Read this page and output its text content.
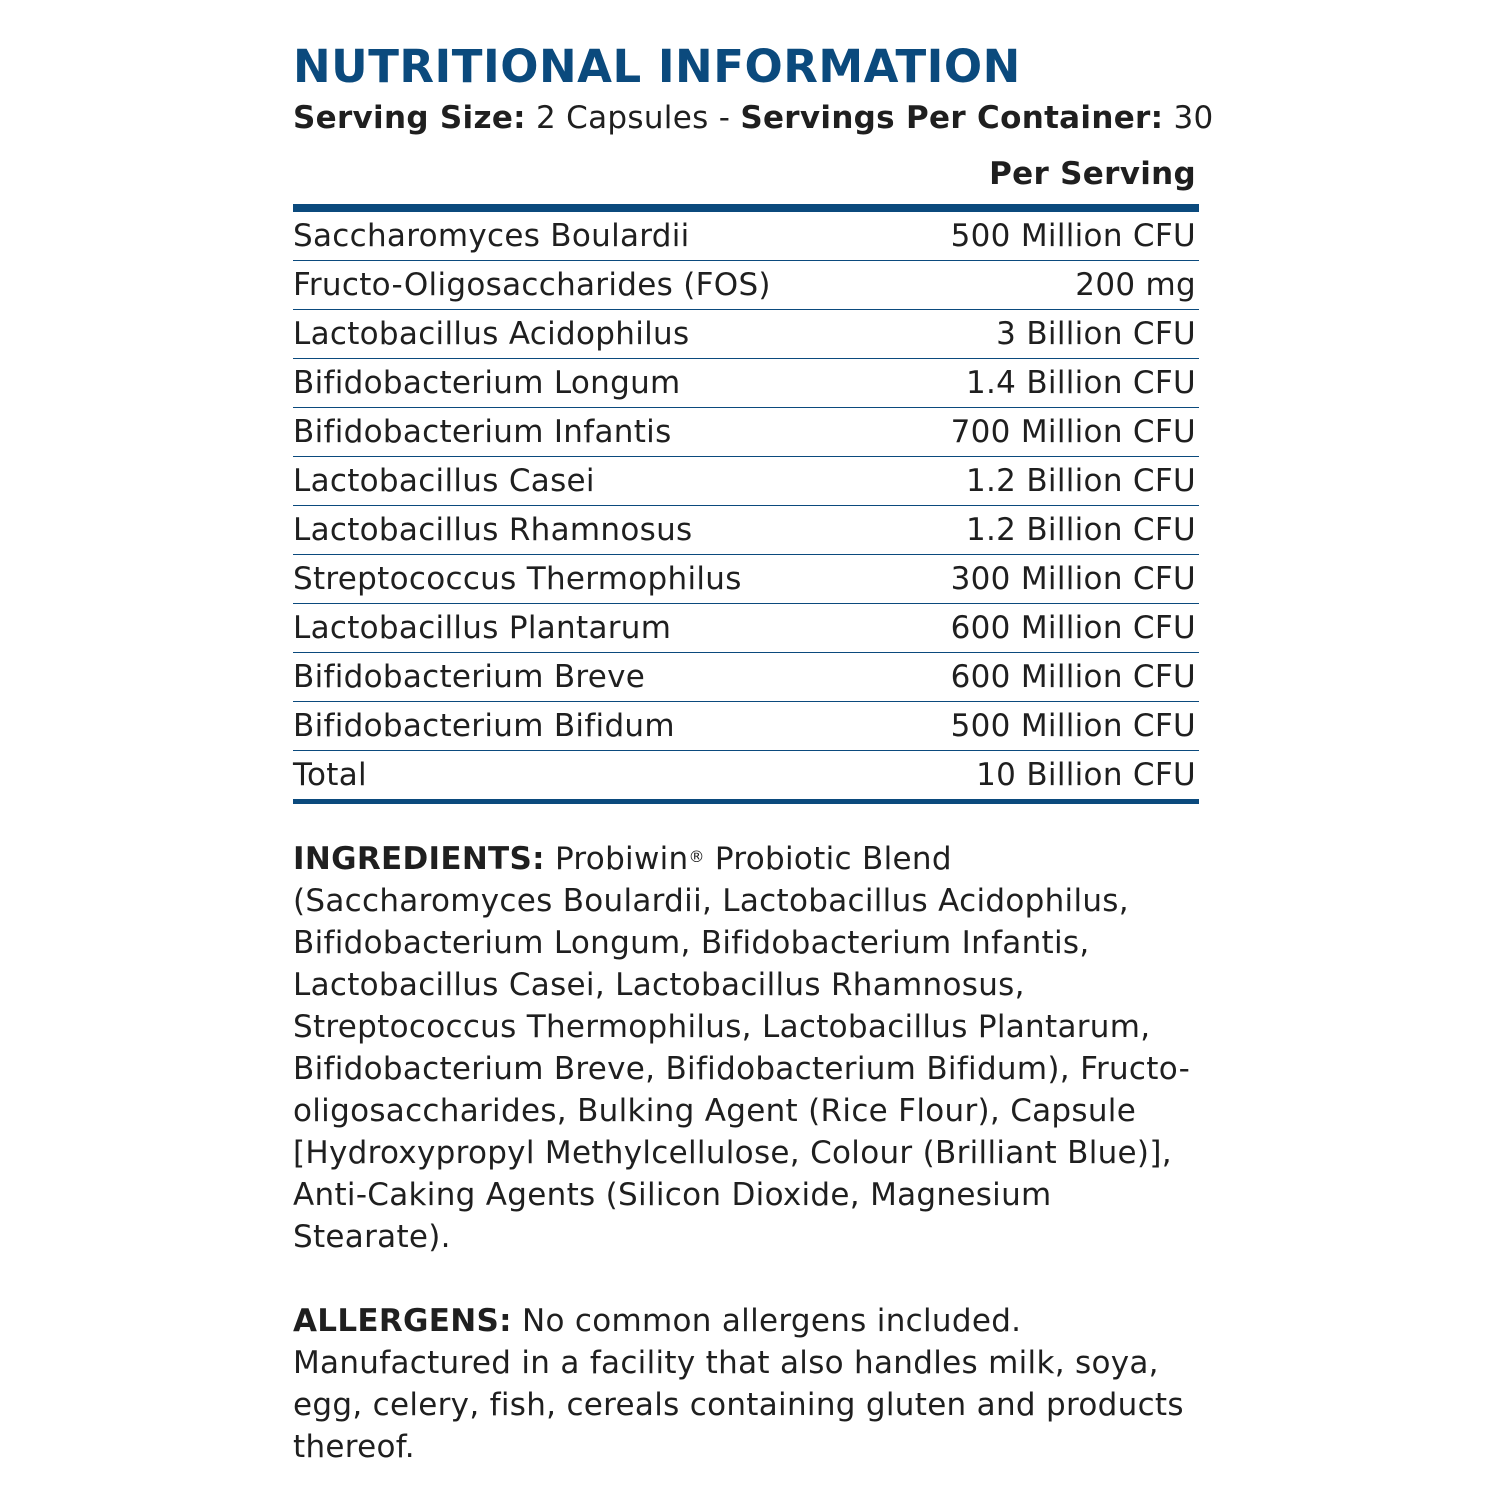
NUTRITIONAL INFORMATION
Serving Size: 2 Capsules - Servings Per Container: 30
Per Serving
Saccharomyces Boulardii	500 Million CFU
Fructo-Oligosaccharides (FOS)	200 mg
Lactobacillus Acidophilus	3 Billion CFU
Bifidobacterium Longum	1.4 Billion CFU
Bifidobacterium Infantis	700 Million CFU
Lactobacillus Casei	1.2 Billion CFU
Lactobacillus Rhamnosus	1.2 Billion CFU
Streptococcus Thermophilus	300 Million CFU
Lactobacillus Plantarum	600 Million CFU
Bifidobacterium Breve	600 Million CFU
Bifidobacterium Bifidum	500 Million CFU
Total	10 Billion CFU

INGREDIENTS: Probiwin® Probiotic Blend (Saccharomyces Boulardii, Lactobacillus Acidophilus, Bifidobacterium Longum, Bifidobacterium Infantis, Lactobacillus Casei, Lactobacillus Rhamnosus, Streptococcus Thermophilus, Lactobacillus Plantarum, Bifidobacterium Breve, Bifidobacterium Bifidum), Fructo-oligosaccharides, Bulking Agent (Rice Flour), Capsule [Hydroxypropyl Methylcellulose, Colour (Brilliant Blue)], Anti-Caking Agents (Silicon Dioxide, Magnesium Stearate).

ALLERGENS: No common allergens included. Manufactured in a facility that also handles milk, soya, egg, celery, fish, cereals containing gluten and products thereof.
